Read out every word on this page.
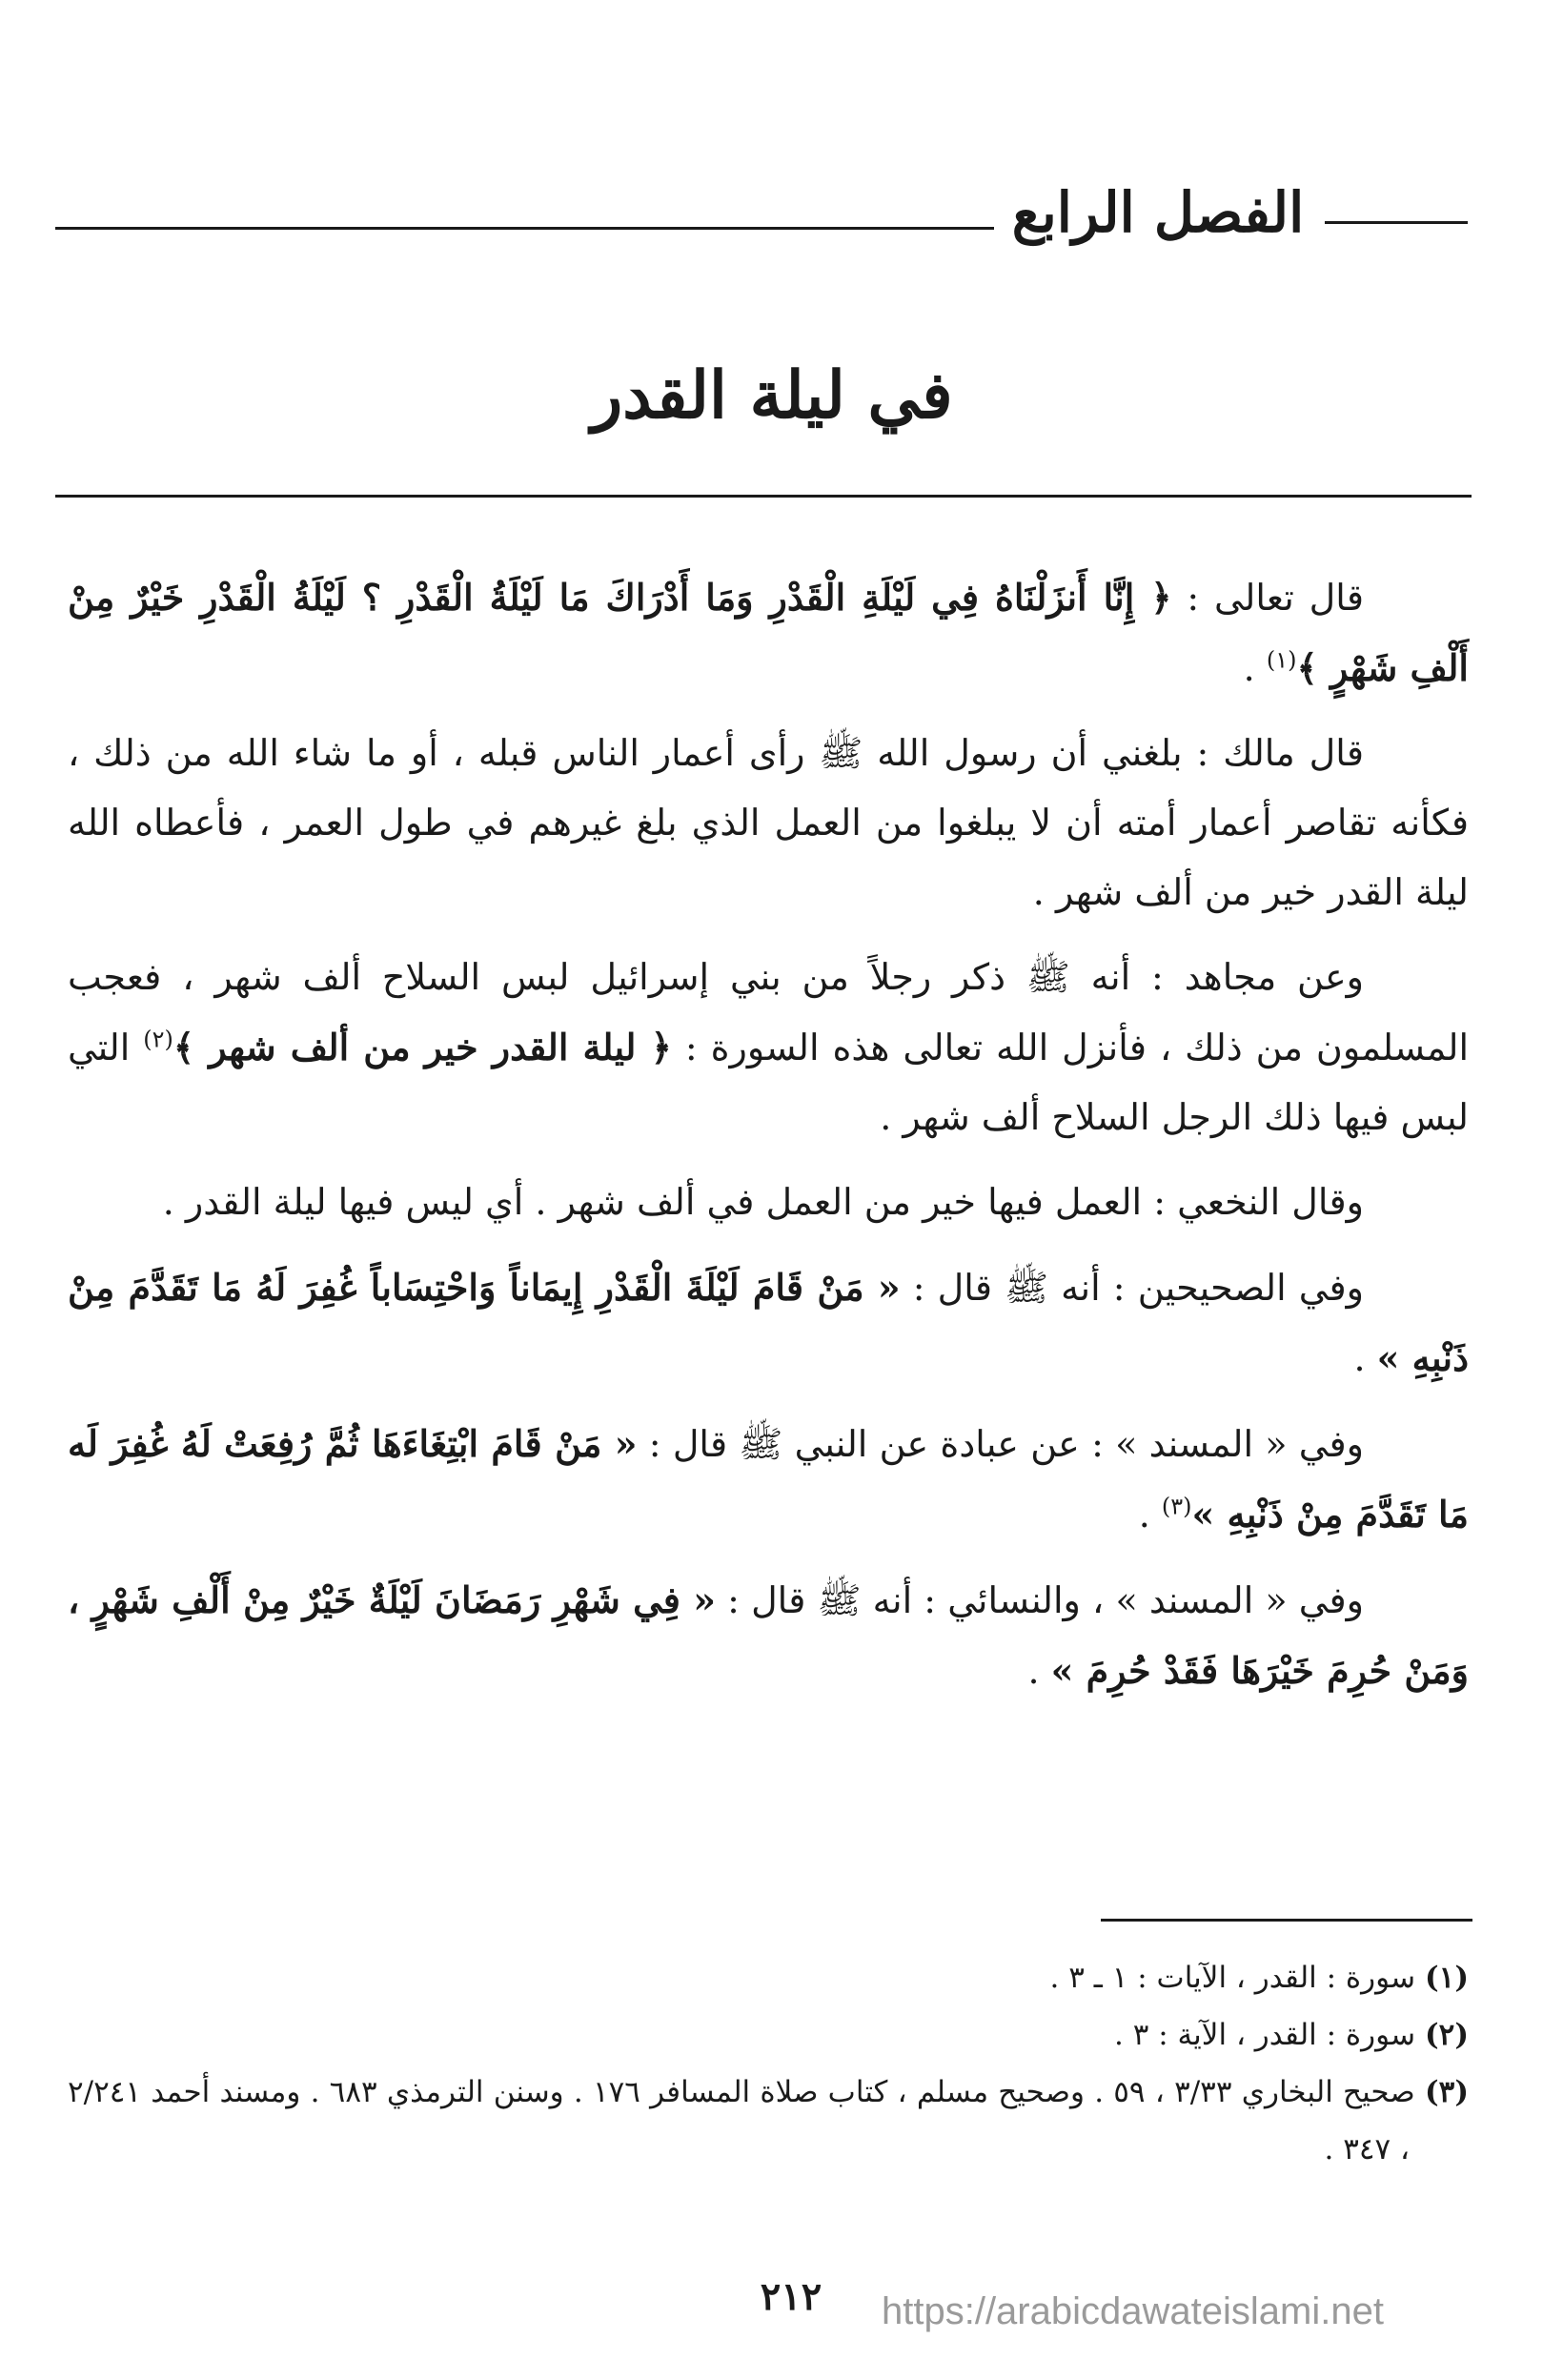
الفصل الرابع
في ليلة القدر

قال تعالى : ﴿ إِنَّا أَنزَلْنَاهُ فِي لَيْلَةِ الْقَدْرِ وَمَا أَدْرَاكَ مَا لَيْلَةُ الْقَدْرِ ؟ لَيْلَةُ الْقَدْرِ خَيْرٌ مِنْ أَلْفِ شَهْرٍ ﴾$^{(١)}$ .

قال مالك : بلغني أن رسول الله ﷺ رأى أعمار الناس قبله ، أو ما شاء الله من ذلك ، فكأنه تقاصر أعمار أمته أن لا يبلغوا من العمل الذي بلغ غيرهم في طول العمر ، فأعطاه الله ليلة القدر خير من ألف شهر .

وعن مجاهد : أنه ﷺ ذكر رجلاً من بني إسرائيل لبس السلاح ألف شهر ، فعجب المسلمون من ذلك ، فأنزل الله تعالى هذه السورة : ﴿ ليلة القدر خير من ألف شهر ﴾$^{(٢)}$ التي لبس فيها ذلك الرجل السلاح ألف شهر .

وقال النخعي : العمل فيها خير من العمل في ألف شهر . أي ليس فيها ليلة القدر .

وفي الصحيحين : أنه ﷺ قال : « مَنْ قَامَ لَيْلَةَ الْقَدْرِ إِيمَاناً وَاحْتِسَاباً غُفِرَ لَهُ مَا تَقَدَّمَ مِنْ ذَنْبِهِ » .

وفي « المسند » : عن عبادة عن النبي ﷺ قال : « مَنْ قَامَ ابْتِغَاءَهَا ثُمَّ رُفِعَتْ لَهُ غُفِرَ لَه مَا تَقَدَّمَ مِنْ ذَنْبِهِ »$^{(٣)}$ .

وفي « المسند » ، والنسائي : أنه ﷺ قال : « فِي شَهْرِ رَمَضَانَ لَيْلَةٌ خَيْرٌ مِنْ أَلْفِ شَهْرٍ ، وَمَنْ حُرِمَ خَيْرَهَا فَقَدْ حُرِمَ » .

(١) سورة : القدر ، الآيات : ١ ـ ٣ .

(٢) سورة : القدر ، الآية : ٣ .

(٣) صحيح البخاري ٣/٣٣ ، ٥٩ . وصحيح مسلم ، كتاب صلاة المسافر ١٧٦ . وسنن الترمذي ٦٨٣ . ومسند أحمد ٢/٢٤١ ، ٣٤٧ .

٢١٢	https://arabicdawateislami.net
